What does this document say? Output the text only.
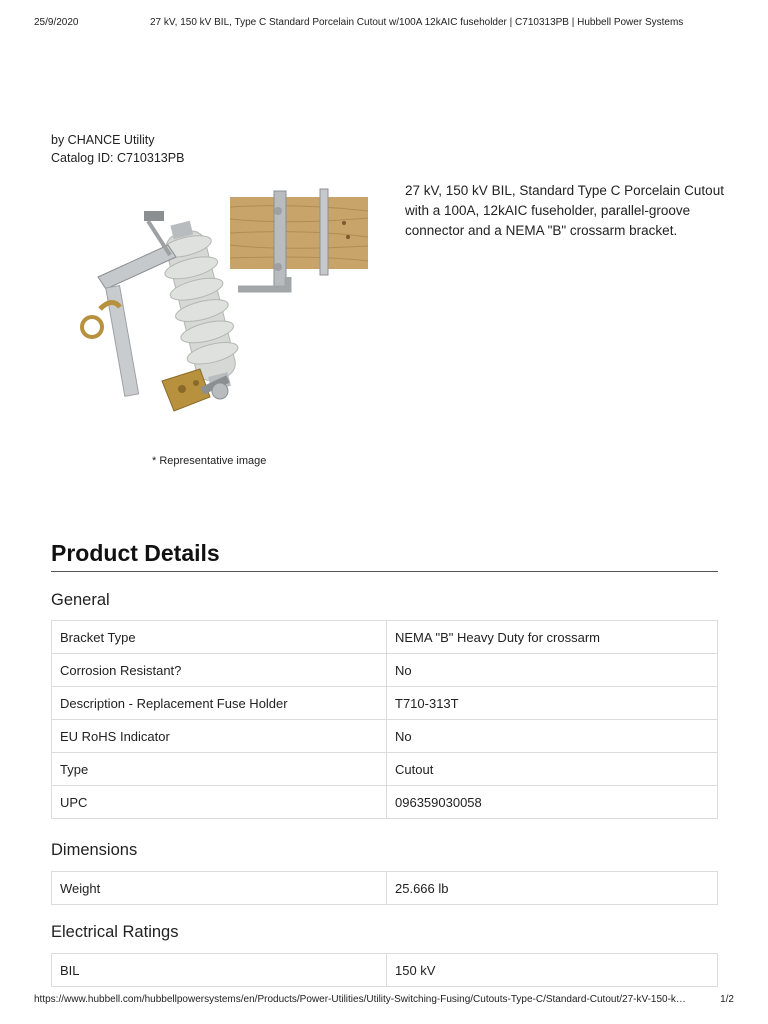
25/9/2020	27 kV, 150 kV BIL, Type C Standard Porcelain Cutout w/100A 12kAIC fuseholder | C710313PB | Hubbell Power Systems
by CHANCE Utility
Catalog ID: C710313PB
* Representative image
27 kV, 150 kV BIL, Standard Type C Porcelain Cutout with a 100A, 12kAIC fuseholder, parallel-groove connector and a NEMA "B" crossarm bracket.
Product Details
General
Bracket Type	NEMA "B" Heavy Duty for crossarm
Corrosion Resistant?	No
Description - Replacement Fuse Holder	T710-313T
EU RoHS Indicator	No
Type	Cutout
UPC	096359030058
Dimensions
Weight	25.666 lb
Electrical Ratings
BIL	150 kV
https://www.hubbell.com/hubbellpowersystems/en/Products/Power-Utilities/Utility-Switching-Fusing/Cutouts-Type-C/Standard-Cutout/27-kV-150-k…	1/2
